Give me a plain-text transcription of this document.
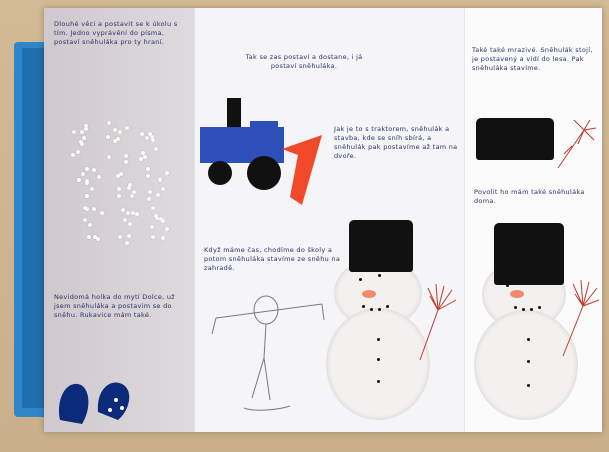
Dlouhé věci a postavit se k úkolu s tím. Jedno vyprávění do písma, postaví sněhuláka pro ty hraní.
Nevidomá holka do mytí Dolce, už jsem sněhuláka a postavim se do sněhu. Rukavice mám také.
Tak se zas postaví a dostane, i já postaví sněhuláka.
Jak je to s traktorem, sněhulák a stavba, kde se sníh sbírá, a sněhulák pak postavíme až tam na dvoře.
Když máme čas, chodíme do školy a potom sněhuláka stavíme ze sněhu na zahradě.
Také také mrazivé. Sněhulák stojí, je postavený a vidí do lesa. Pak sněhuláka stavíme.
Povolit ho mám také sněhuláka doma.
